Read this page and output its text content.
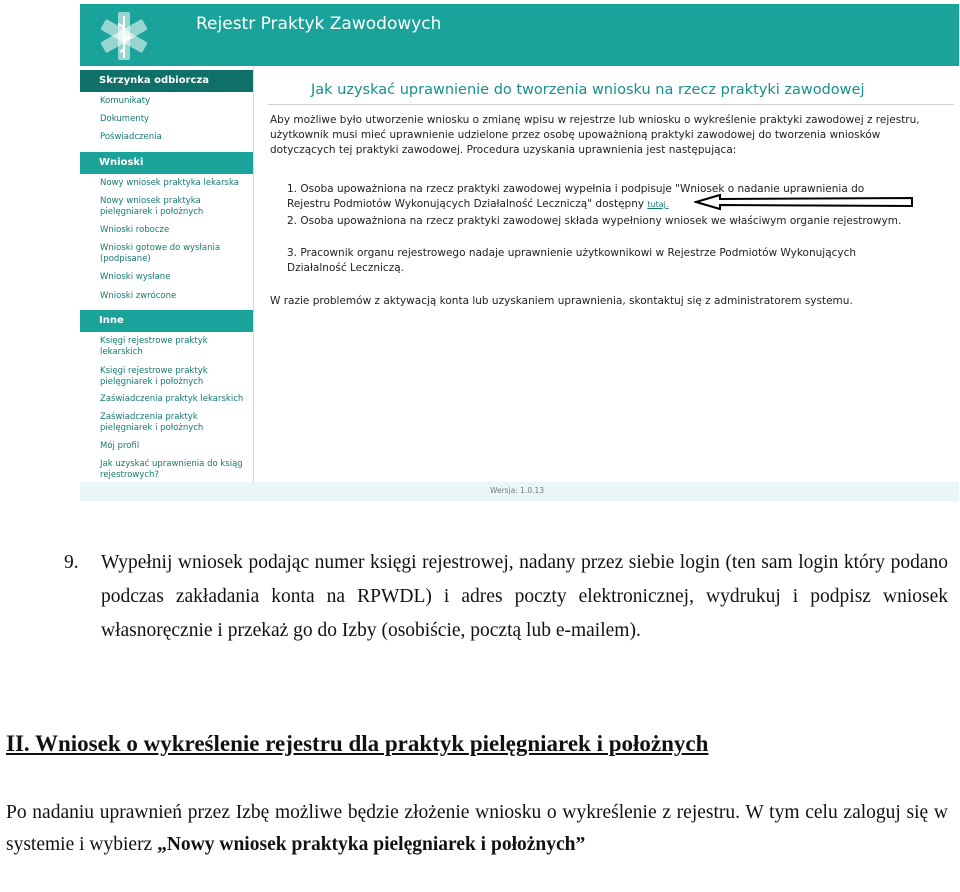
Rejestr Praktyk Zawodowych
Skrzynka odbiorcza
Komunikaty
Dokumenty
Poświadczenia
Wnioski
Nowy wniosek praktyka lekarska
Nowy wniosek praktyka pielęgniarek i położnych
Wnioski robocze
Wnioski gotowe do wysłania (podpisane)
Wnioski wysłane
Wnioski zwrócone
Inne
Księgi rejestrowe praktyk lekarskich
Księgi rejestrowe praktyk pielęgniarek i położnych
Zaświadczenia praktyk lekarskich
Zaświadczenia praktyk pielęgniarek i położnych
Mój profil
Jak uzyskać uprawnienia do ksiąg rejestrowych?
Jak uzyskać uprawnienie do tworzenia wniosku na rzecz praktyki zawodowej
Aby możliwe było utworzenie wniosku o zmianę wpisu w rejestrze lub wniosku o wykreślenie praktyki zawodowej z rejestru, użytkownik musi mieć uprawnienie udzielone przez osobę upoważnioną praktyki zawodowej do tworzenia wniosków dotyczących tej praktyki zawodowej. Procedura uzyskania uprawnienia jest następująca:
1. Osoba upoważniona na rzecz praktyki zawodowej wypełnia i podpisuje "Wniosek o nadanie uprawnienia do Rejestru Podmiotów Wykonujących Działalność Leczniczą" dostępny tutaj.
2. Osoba upoważniona na rzecz praktyki zawodowej składa wypełniony wniosek we właściwym organie rejestrowym.
3. Pracownik organu rejestrowego nadaje uprawnienie użytkownikowi w Rejestrze Podmiotów Wykonujących Działalność Leczniczą.
W razie problemów z aktywacją konta lub uzyskaniem uprawnienia, skontaktuj się z administratorem systemu.
Wersja: 1.0.13
9. Wypełnij wniosek podając numer księgi rejestrowej, nadany przez siebie login (ten sam login który podano podczas zakładania konta na RPWDL) i adres poczty elektronicznej, wydrukuj i podpisz wniosek własnoręcznie i przekaż go do Izby (osobiście, pocztą lub e-mailem).
II. Wniosek o wykreślenie rejestru dla praktyk pielęgniarek i położnych
Po nadaniu uprawnień przez Izbę możliwe będzie złożenie wniosku o wykreślenie z rejestru. W tym celu zaloguj się w systemie i wybierz „Nowy wniosek praktyka pielęgniarek i położnych”
